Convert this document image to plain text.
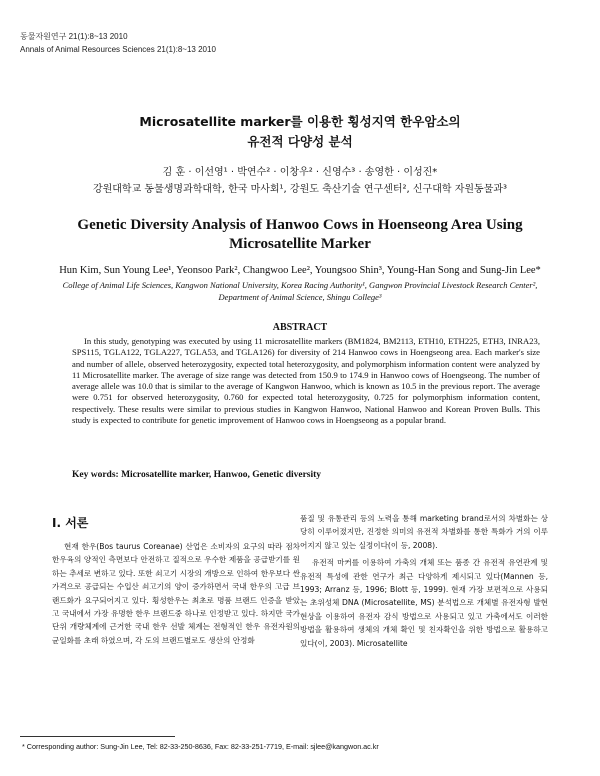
동물자원연구 21(1):8~13 2010
Annals of Animal Resources Sciences 21(1):8~13 2010
Microsatellite marker를 이용한 횡성지역 한우암소의
유전적 다양성 분석
김 훈 · 이선영¹ · 박연수² · 이창우² · 신영수³ · 송영한 · 이성진*
강원대학교 동물생명과학대학, 한국 마사회¹, 강원도 축산기술 연구센터², 신구대학 자원동물과³
Genetic Diversity Analysis of Hanwoo Cows in Hoenseong Area Using
Microsatellite Marker
Hun Kim, Sun Young Lee¹, Yeonsoo Park², Changwoo Lee², Youngsoo Shin³, Young-Han Song and Sung-Jin Lee*
College of Animal Life Sciences, Kangwon National University, Korea Racing Authority¹, Gangwon Provincial Livestock Research Center²,
Department of Animal Science, Shingu College³
ABSTRACT
In this study, genotyping was executed by using 11 microsatellite markers (BM1824, BM2113, ETH10, ETH225, ETH3, INRA23, SPS115, TGLA122, TGLA227, TGLA53, and TGLA126) for diversity of 214 Hanwoo cows in Hoengseong area. Each marker's size and number of allele, observed heterozygosity, expected total heterozygosity, and polymorphism information content were analyzed by 11 Microsatellite marker. The average of size range was detected from 150.9 to 174.9 in Hanwoo cows of Hoengseong. The number of average allele was 10.0 that is similar to the average of Kangwon Hanwoo, which is known as 10.5 in the previous report. The average were 0.751 for observed heterozygosity, 0.760 for expected total heterozygosity, 0.725 for polymorphism information content, respectively. These results were similar to previous studies in Kangwon Hanwoo, National Hanwoo and Korean Proven Bulls. This study is expected to contribute for genetic improvement of Hanwoo cows in Hoengseong as a popular brand.
Key words: Microsatellite marker, Hanwoo, Genetic diversity
Ⅰ. 서론

현재 한우(Bos taurus Coreanae) 산업은 소비자의 요구의 따라 점차 한우육의 양적인 측면보다 안전하고 질적으로 우수한 제품을 공급받기를 원하는 추세로 변하고 있다. 또한 쇠고기 시장의 개방으로 인하여 한우보다 싼 가격으로 공급되는 수입산 쇠고기의 양이 증가하면서 국내 한우의 고급 브랜드화가 요구되어지고 있다. 횡성한우는 최초로 명품 브랜드 인증을 받았고 국내에서 가장 유명한 한우 브랜드중 하나로 인정받고 있다. 하지만 국가 단위 개량체계에 근거한 국내 한우 선발 체계는 전형적인 한우 유전자원의 균일화를 초래 하였으며, 각 도의 브랜드별로도 생산의 안정화

품질 및 유통관리 등의 노력을 통해 marketing brand로서의 차별화는 상당히 이루어졌지만, 진정한 의미의 유전적 차별화를 통한 특화가 거의 이루어지지 않고 있는 실정이다(이 등, 2008).

유전적 마커를 이용하여 가축의 개체 또는 품종 간 유전적 유연관계 및 유전적 특성에 관한 연구가 최근 다양하게 제시되고 있다(Mannen 등, 1993; Arranz 등, 1996; Blott 등, 1999). 현재 가장 보편적으로 사용되는 초위성체 DNA (Microsatellite, MS) 분석법으로 개체별 유전자형 발현 현상을 이용하여 유전자 감식 방법으로 사용되고 있고 가축에서도 이러한 방법을 활용하여 생체의 개체 확인 및 친자확인을 위한 방법으로 활용하고 있다(이, 2003). Microsatellite

* Corresponding author: Sung-Jin Lee, Tel: 82-33-250-8636, Fax: 82-33-251-7719, E-mail: sjlee@kangwon.ac.kr
